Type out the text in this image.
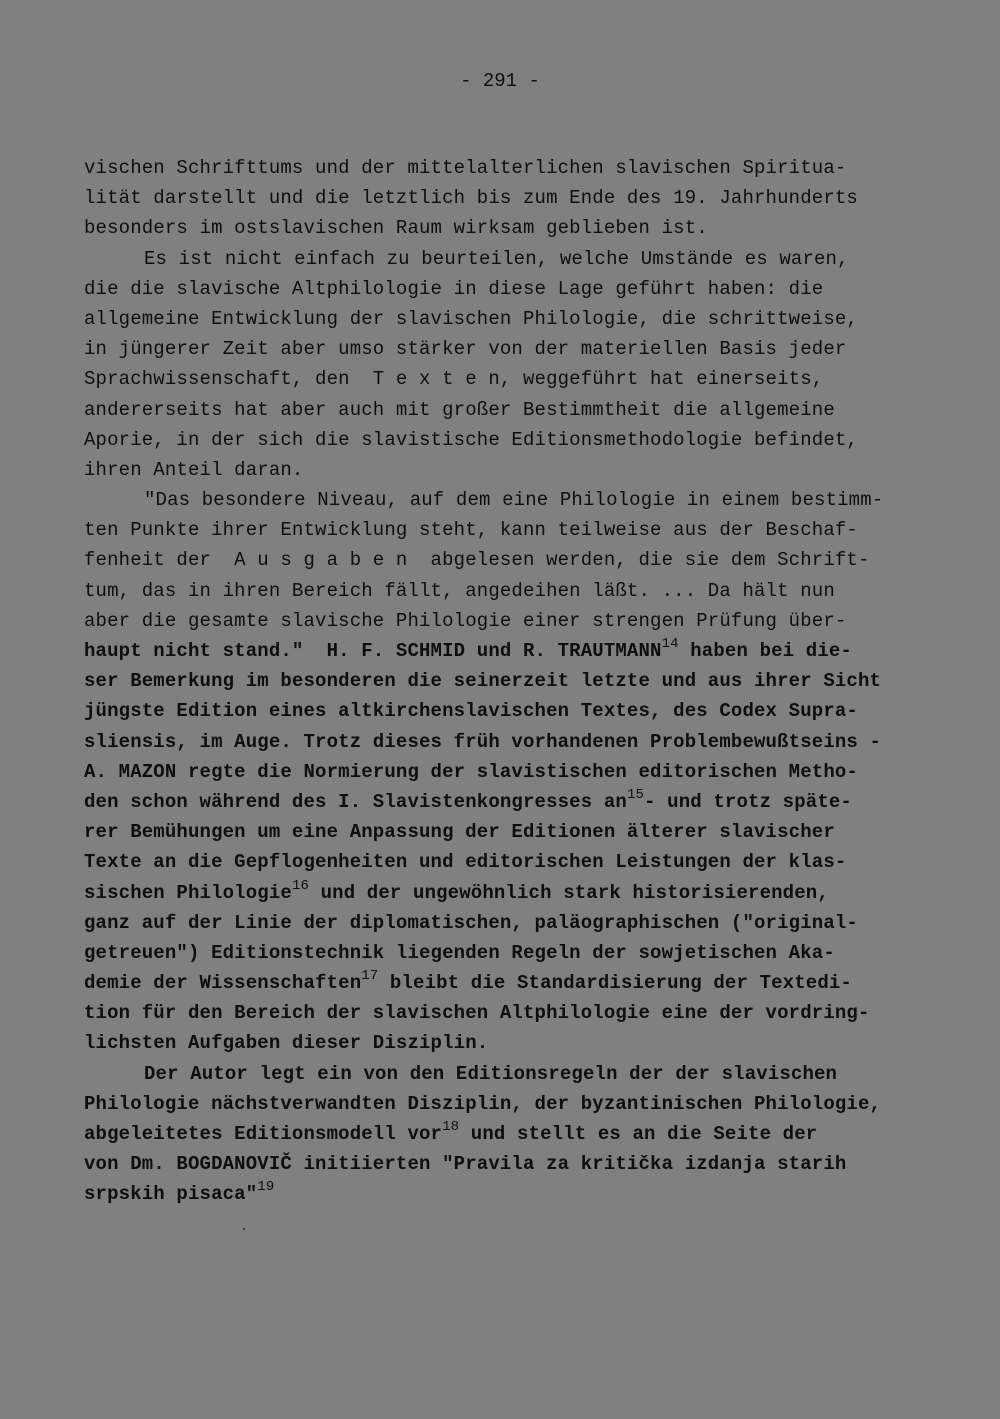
- 291 -
vischen Schrifttums und der mittelalterlichen slavischen Spiritua-
lität darstellt und die letztlich bis zum Ende des 19. Jahrhunderts
besonders im ostslavischen Raum wirksam geblieben ist.
Es ist nicht einfach zu beurteilen, welche Umstände es waren,
die die slavische Altphilologie in diese Lage geführt haben: die
allgemeine Entwicklung der slavischen Philologie, die schrittweise,
in jüngerer Zeit aber umso stärker von der materiellen Basis jeder
Sprachwissenschaft, den  T e x t e n, weggeführt hat einerseits,
andererseits hat aber auch mit großer Bestimmtheit die allgemeine
Aporie, in der sich die slavistische Editionsmethodologie befindet,
ihren Anteil daran.
"Das besondere Niveau, auf dem eine Philologie in einem bestimm-
ten Punkte ihrer Entwicklung steht, kann teilweise aus der Beschaf-
fenheit der  A u s g a b e n  abgelesen werden, die sie dem Schrift-
tum, das in ihren Bereich fällt, angedeihen läßt. ... Da hält nun
aber die gesamte slavische Philologie einer strengen Prüfung über-
haupt nicht stand."  H. F. SCHMID und R. TRAUTMANN$^{14}$ haben bei die-
ser Bemerkung im besonderen die seinerzeit letzte und aus ihrer Sicht
jüngste Edition eines altkirchenslavischen Textes, des Codex Supra-
sliensis, im Auge. Trotz dieses früh vorhandenen Problembewußtseins -
A. MAZON regte die Normierung der slavistischen editorischen Metho-
den schon während des I. Slavistenkongresses an$^{15}$- und trotz späte-
rer Bemühungen um eine Anpassung der Editionen älterer slavischer
Texte an die Gepflogenheiten und editorischen Leistungen der klas-
sischen Philologie$^{16}$ und der ungewöhnlich stark historisierenden,
ganz auf der Linie der diplomatischen, paläographischen ("original-
getreuen") Editionstechnik liegenden Regeln der sowjetischen Aka-
demie der Wissenschaften$^{17}$ bleibt die Standardisierung der Textedi-
tion für den Bereich der slavischen Altphilologie eine der vordring-
lichsten Aufgaben dieser Disziplin.
Der Autor legt ein von den Editionsregeln der der slavischen
Philologie nächstverwandten Disziplin, der byzantinischen Philologie,
abgeleitetes Editionsmodell vor$^{18}$ und stellt es an die Seite der
von Dm. BOGDANOVIČ initiierten "Pravila za kritička izdanja starih
srpskih pisaca"$^{19}$
